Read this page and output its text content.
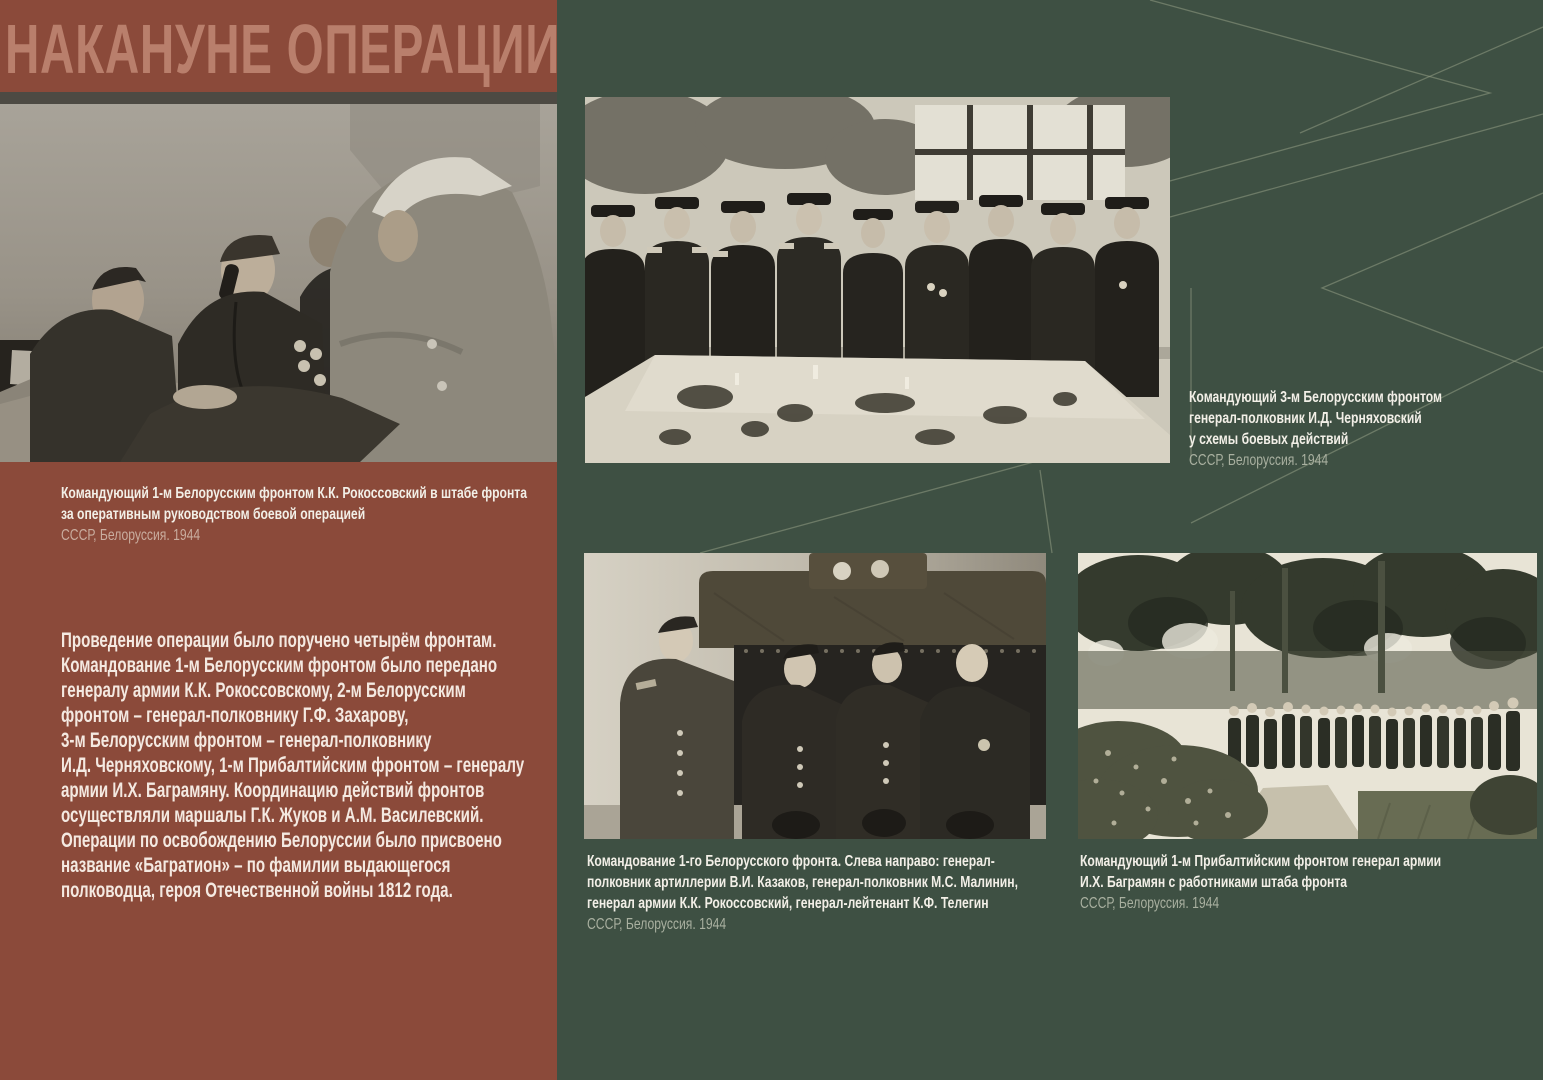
НАКАНУНЕ ОПЕРАЦИИ
Командующий 1-м Белорусским фронтом К.К. Рокоссовский в штабе фронта
за оперативным руководством боевой операцией
СССР, Белоруссия. 1944
Проведение операции было поручено четырём фронтам.
Командование 1-м Белорусским фронтом было передано
генералу армии К.К. Рокоссовскому, 2-м Белорусским
фронтом – генерал-полковнику Г.Ф. Захарову,
3-м Белорусским фронтом – генерал-полковнику
И.Д. Черняховскому, 1-м Прибалтийским фронтом – генералу
армии И.Х. Баграмяну. Координацию действий фронтов
осуществляли маршалы Г.К. Жуков и А.М. Василевский.
Операции по освобождению Белоруссии было присвоено
название «Багратион» – по фамилии выдающегося
полководца, героя Отечественной войны 1812 года.
Командующий 3-м Белорусским фронтом
генерал-полковник И.Д. Черняховский
у схемы боевых действий
СССР, Белоруссия. 1944
Командование 1-го Белорусского фронта. Слева направо: генерал-
полковник артиллерии В.И. Казаков, генерал-полковник М.С. Малинин,
генерал армии К.К. Рокоссовский, генерал-лейтенант К.Ф. Телегин
СССР, Белоруссия. 1944
Командующий 1-м Прибалтийским фронтом генерал армии
И.Х. Баграмян с работниками штаба фронта
СССР, Белоруссия. 1944
